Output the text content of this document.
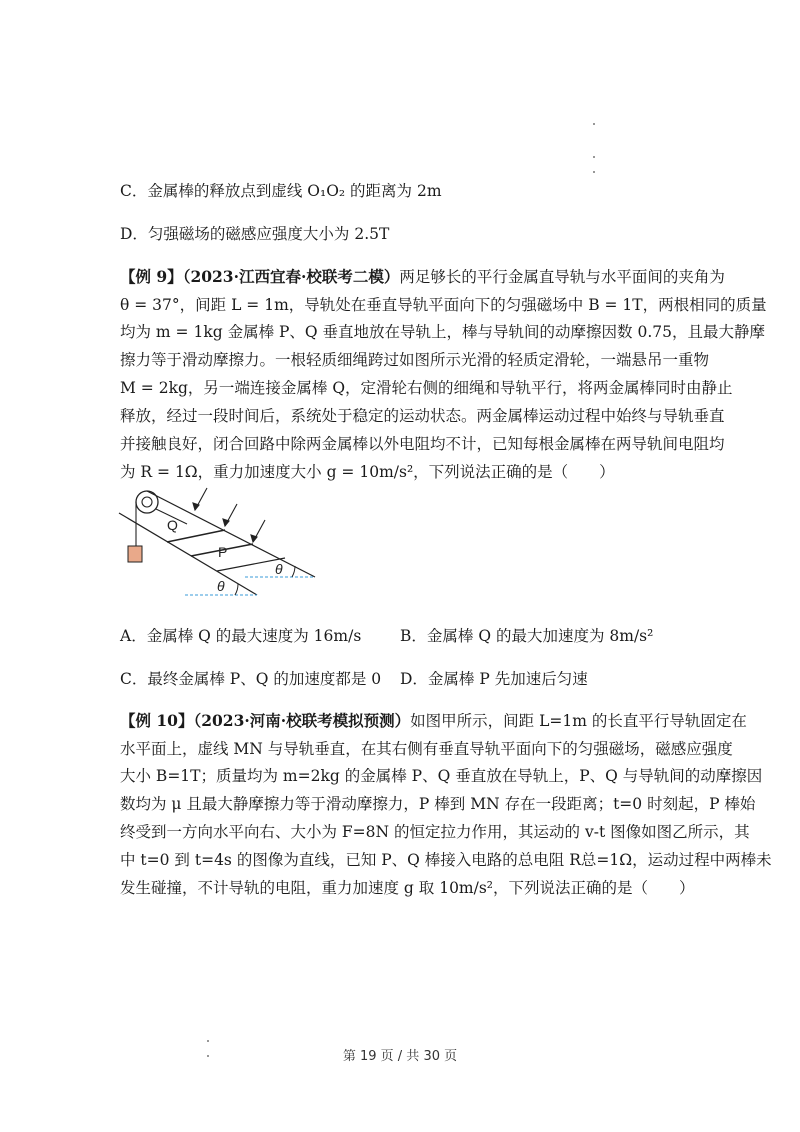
C．金属棒的释放点到虚线 O₁O₂ 的距离为 2m
D．匀强磁场的磁感应强度大小为 2.5T
【例 9】（2023·江西宜春·校联考二模）两足够长的平行金属直导轨与水平面间的夹角为
θ = 37°，间距 L = 1m，导轨处在垂直导轨平面向下的匀强磁场中 B = 1T，两根相同的质量
均为 m = 1kg 金属棒 P、Q 垂直地放在导轨上，棒与导轨间的动摩擦因数 0.75，且最大静摩
擦力等于滑动摩擦力。一根轻质细绳跨过如图所示光滑的轻质定滑轮，一端悬吊一重物
M = 2kg，另一端连接金属棒 Q，定滑轮右侧的细绳和导轨平行，将两金属棒同时由静止
释放，经过一段时间后，系统处于稳定的运动状态。两金属棒运动过程中始终与导轨垂直
并接触良好，闭合回路中除两金属棒以外电阻均不计，已知每根金属棒在两导轨间电阻均
为 R = 1Ω，重力加速度大小 g = 10m/s²，下列说法正确的是（　　）
Q
P
θ
θ
A．金属棒 Q 的最大速度为 16m/s B．金属棒 Q 的最大加速度为 8m/s²
C．最终金属棒 P、Q 的加速度都是 0 D．金属棒 P 先加速后匀速
【例 10】（2023·河南·校联考模拟预测）如图甲所示，间距 L=1m 的长直平行导轨固定在
水平面上，虚线 MN 与导轨垂直，在其右侧有垂直导轨平面向下的匀强磁场，磁感应强度
大小 B=1T；质量均为 m=2kg 的金属棒 P、Q 垂直放在导轨上，P、Q 与导轨间的动摩擦因
数均为 μ 且最大静摩擦力等于滑动摩擦力，P 棒到 MN 存在一段距离；t=0 时刻起，P 棒始
终受到一方向水平向右、大小为 F=8N 的恒定拉力作用，其运动的 v-t 图像如图乙所示，其
中 t=0 到 t=4s 的图像为直线，已知 P、Q 棒接入电路的总电阻 R总=1Ω，运动过程中两棒未
发生碰撞，不计导轨的电阻，重力加速度 g 取 10m/s²，下列说法正确的是（　　）
第 19 页 / 共 30 页
